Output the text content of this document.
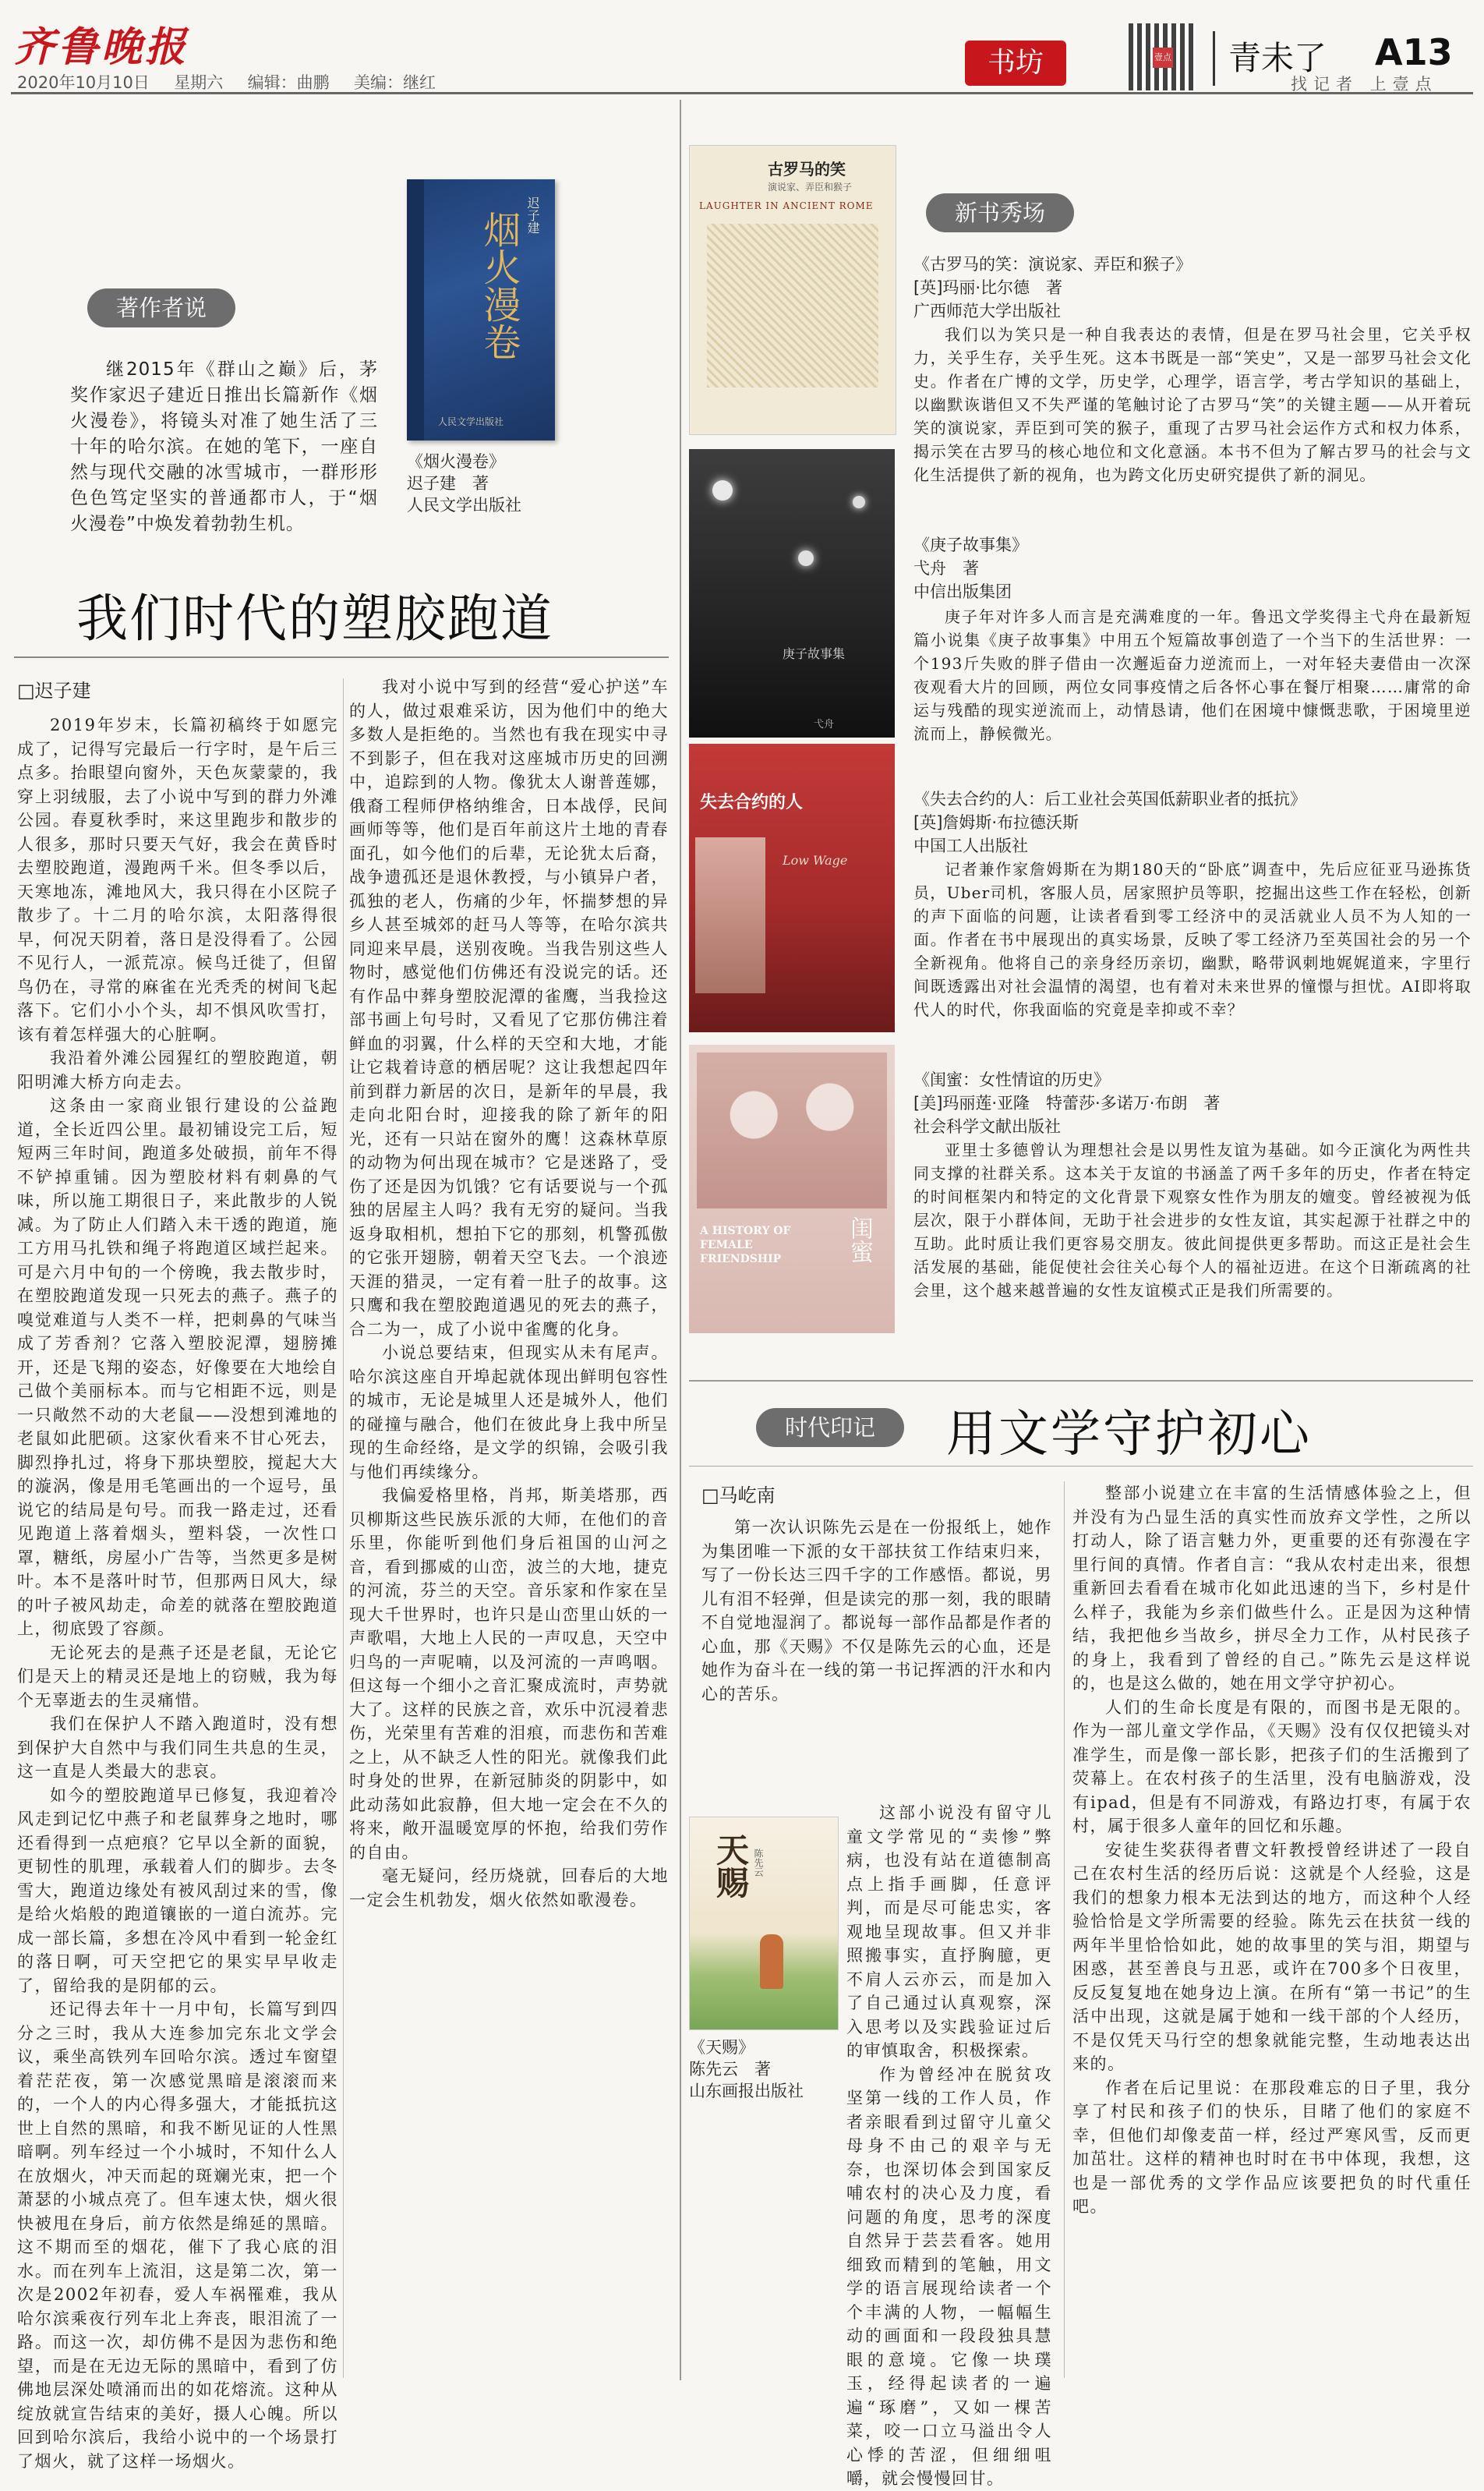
齐鲁晚报
2020年10月10日 星期六 编辑：曲鹏 美编：继红
书坊	壹点 青未了 A13
找记者 上壹点
著作者说
继2015年《群山之巅》后，茅奖作家迟子建近日推出长篇新作《烟火漫卷》，将镜头对准了她生活了三十年的哈尔滨。在她的笔下，一座自然与现代交融的冰雪城市，一群形形色色笃定坚实的普通都市人，于“烟火漫卷”中焕发着勃勃生机。
烟火漫卷 迟子建
人民文学出版社
《烟火漫卷》
迟子建　著
人民文学出版社
我们时代的塑胶跑道
□迟子建

2019年岁末，长篇初稿终于如愿完成了，记得写完最后一行字时，是午后三点多。抬眼望向窗外，天色灰蒙蒙的，我穿上羽绒服，去了小说中写到的群力外滩公园。春夏秋季时，来这里跑步和散步的人很多，那时只要天气好，我会在黄昏时去塑胶跑道，漫跑两千米。但冬季以后，天寒地冻，滩地风大，我只得在小区院子散步了。十二月的哈尔滨，太阳落得很早，何况天阴着，落日是没得看了。公园不见行人，一派荒凉。候鸟迁徙了，但留鸟仍在，寻常的麻雀在光秃秃的树间飞起落下。它们小小个头，却不惧风吹雪打，该有着怎样强大的心脏啊。

我沿着外滩公园猩红的塑胶跑道，朝阳明滩大桥方向走去。

这条由一家商业银行建设的公益跑道，全长近四公里。最初铺设完工后，短短两三年时间，跑道多处破损，前年不得不铲掉重铺。因为塑胶材料有刺鼻的气味，所以施工期很日子，来此散步的人锐减。为了防止人们踏入未干透的跑道，施工方用马扎铁和绳子将跑道区域拦起来。可是六月中旬的一个傍晚，我去散步时，在塑胶跑道发现一只死去的燕子。燕子的嗅觉难道与人类不一样，把刺鼻的气味当成了芳香剂？它落入塑胶泥潭，翅膀摊开，还是飞翔的姿态，好像要在大地绘自己做个美丽标本。而与它相距不远，则是一只敞然不动的大老鼠——没想到滩地的老鼠如此肥硕。这家伙看来不甘心死去，脚烈挣扎过，将身下那块塑胶，搅起大大的漩涡，像是用毛笔画出的一个逗号，虽说它的结局是句号。而我一路走过，还看见跑道上落着烟头，塑料袋，一次性口罩，糖纸，房屋小广告等，当然更多是树叶。本不是落叶时节，但那两日风大，绿的叶子被风劫走，命差的就落在塑胶跑道上，彻底毁了容颜。

无论死去的是燕子还是老鼠，无论它们是天上的精灵还是地上的窃贼，我为每个无辜逝去的生灵痛惜。

我们在保护人不踏入跑道时，没有想到保护大自然中与我们同生共息的生灵，这一直是人类最大的悲哀。

如今的塑胶跑道早已修复，我迎着冷风走到记忆中燕子和老鼠葬身之地时，哪还看得到一点疤痕？它早以全新的面貌，更韧性的肌理，承载着人们的脚步。去冬雪大，跑道边缘处有被风刮过来的雪，像是给火焰般的跑道镶嵌的一道白流苏。完成一部长篇，多想在冷风中看到一轮金红的落日啊，可天空把它的果实早早收走了，留给我的是阴郁的云。

还记得去年十一月中旬，长篇写到四分之三时，我从大连参加完东北文学会议，乘坐高铁列车回哈尔滨。透过车窗望着茫茫夜，第一次感觉黑暗是滚滚而来的，一个人的内心得多强大，才能抵抗这世上自然的黑暗，和我不断见证的人性黑暗啊。列车经过一个小城时，不知什么人在放烟火，冲天而起的斑斓光束，把一个萧瑟的小城点亮了。但车速太快，烟火很快被甩在身后，前方依然是绵延的黑暗。这不期而至的烟花，催下了我心底的泪水。而在列车上流泪，这是第二次，第一次是2002年初春，爱人车祸罹难，我从哈尔滨乘夜行列车北上奔丧，眼泪流了一路。而这一次，却仿佛不是因为悲伤和绝望，而是在无边无际的黑暗中，看到了仿佛地层深处喷涌而出的如花熔流。这种从绽放就宣告结束的美好，摄人心魄。所以回到哈尔滨后，我给小说中的一个场景打了烟火，就了这样一场烟火。

我对小说中写到的经营“爱心护送”车的人，做过艰难采访，因为他们中的绝大多数人是拒绝的。当然也有我在现实中寻不到影子，但在我对这座城市历史的回溯中，追踪到的人物。像犹太人谢普莲娜，俄裔工程师伊格纳维舍，日本战俘，民间画师等等，他们是百年前这片土地的青春面孔，如今他们的后辈，无论犹太后裔，战争遗孤还是退休教授，与小镇异户者，孤独的老人，伤痛的少年，怀揣梦想的异乡人甚至城郊的赶马人等等，在哈尔滨共同迎来早晨，送别夜晚。当我告别这些人物时，感觉他们仿佛还有没说完的话。还有作品中葬身塑胶泥潭的雀鹰，当我捡这部书画上句号时，又看见了它那仿佛注着鲜血的羽翼，什么样的天空和大地，才能让它栽着诗意的栖居呢？这让我想起四年前到群力新居的次日，是新年的早晨，我走向北阳台时，迎接我的除了新年的阳光，还有一只站在窗外的鹰！这森林草原的动物为何出现在城市？它是迷路了，受伤了还是因为饥饿？它有话要说与一个孤独的居屋主人吗？我有无穷的疑问。当我返身取相机，想拍下它的那刻，机警孤傲的它张开翅膀，朝着天空飞去。一个浪迹天涯的猎灵，一定有着一肚子的故事。这只鹰和我在塑胶跑道遇见的死去的燕子，合二为一，成了小说中雀鹰的化身。

小说总要结束，但现实从未有尾声。哈尔滨这座自开埠起就体现出鲜明包容性的城市，无论是城里人还是城外人，他们的碰撞与融合，他们在彼此身上我中所呈现的生命经络，是文学的织锦，会吸引我与他们再续缘分。

我偏爱格里格，肖邦，斯美塔那，西贝柳斯这些民族乐派的大师，在他们的音乐里，你能听到他们身后祖国的山河之音，看到挪威的山峦，波兰的大地，捷克的河流，芬兰的天空。音乐家和作家在呈现大千世界时，也许只是山峦里山妖的一声歌唱，大地上人民的一声叹息，天空中归鸟的一声呢喃，以及河流的一声鸣咽。但这每一个细小之音汇聚成流时，声势就大了。这样的民族之音，欢乐中沉浸着悲伤，光荣里有苦难的泪痕，而悲伤和苦难之上，从不缺乏人性的阳光。就像我们此时身处的世界，在新冠肺炎的阴影中，如此动荡如此寂静，但大地一定会在不久的将来，敞开温暖宽厚的怀抱，给我们劳作的自由。

毫无疑问，经历烧就，回春后的大地一定会生机勃发，烟火依然如歌漫卷。

新书秀场
古罗马的笑
演说家、弄臣和猴子
LAUGHTER IN ANCIENT ROME
《古罗马的笑：演说家、弄臣和猴子》
[英]玛丽·比尔德　著
广西师范大学出版社

我们以为笑只是一种自我表达的表情，但是在罗马社会里，它关乎权力，关乎生存，关乎生死。这本书既是一部“笑史”，又是一部罗马社会文化史。作者在广博的文学，历史学，心理学，语言学，考古学知识的基础上，以幽默诙谐但又不失严谨的笔触讨论了古罗马“笑”的关键主题——从开着玩笑的演说家，弄臣到可笑的猴子，重现了古罗马社会运作方式和权力体系，揭示笑在古罗马的核心地位和文化意涵。本书不但为了解古罗马的社会与文化生活提供了新的视角，也为跨文化历史研究提供了新的洞见。

庚子故事集
弋舟
《庚子故事集》
弋舟　著
中信出版集团

庚子年对许多人而言是充满难度的一年。鲁迅文学奖得主弋舟在最新短篇小说集《庚子故事集》中用五个短篇故事创造了一个当下的生活世界：一个193斤失败的胖子借由一次邂逅奋力逆流而上，一对年轻夫妻借由一次深夜观看大片的回顾，两位女同事疫情之后各怀心事在餐厅相聚……庸常的命运与残酷的现实逆流而上，动情恳请，他们在困境中慷慨悲歌，于困境里逆流而上，静候微光。

失去合约的人
Low Wage
《失去合约的人：后工业社会英国低薪职业者的抵抗》
[英]詹姆斯·布拉德沃斯
中国工人出版社

记者兼作家詹姆斯在为期180天的“卧底”调查中，先后应征亚马逊拣货员，Uber司机，客服人员，居家照护员等职，挖掘出这些工作在轻松，创新的声下面临的问题，让读者看到零工经济中的灵活就业人员不为人知的一面。作者在书中展现出的真实场景，反映了零工经济乃至英国社会的另一个全新视角。他将自己的亲身经历亲切，幽默，略带讽刺地娓娓道来，字里行间既透露出对社会温情的渴望，也有着对未来世界的憧憬与担忧。AI即将取代人的时代，你我面临的究竟是幸抑或不幸？

A HISTORY OF FEMALE FRIENDSHIP	闺蜜
《闺蜜：女性情谊的历史》
[美]玛丽莲·亚隆　特蕾莎·多诺万·布朗　著
社会科学文献出版社

亚里士多德曾认为理想社会是以男性友谊为基础。如今正演化为两性共同支撑的社群关系。这本关于友谊的书涵盖了两千多年的历史，作者在特定的时间框架内和特定的文化背景下观察女性作为朋友的嬗变。曾经被视为低层次，限于小群体间，无助于社会进步的女性友谊，其实起源于社群之中的互助。此时质让我们更容易交朋友。彼此间提供更多帮助。而这正是社会生活发展的基础，能促使社会往关心每个人的福祉迈进。在这个日渐疏离的社会里，这个越来越普遍的女性友谊模式正是我们所需要的。

时代印记	用文学守护初心
□马屹南
天赐 陈先云
《天赐》
陈先云　著
山东画报出版社

第一次认识陈先云是在一份报纸上，她作为集团唯一下派的女干部扶贫工作结束归来，写了一份长达三四千字的工作感悟。都说，男儿有泪不轻弹，但是读完的那一刻，我的眼睛不自觉地湿润了。都说每一部作品都是作者的心血，那《天赐》不仅是陈先云的心血，还是她作为奋斗在一线的第一书记挥洒的汗水和内心的苦乐。

这部小说没有留守儿童文学常见的“卖惨”弊病，也没有站在道德制高点上指手画脚，任意评判，而是尽可能忠实，客观地呈现故事。但又并非照搬事实，直抒胸臆，更不肩人云亦云，而是加入了自己通过认真观察，深入思考以及实践验证过后的审慎取舍，积极探索。

作为曾经冲在脱贫攻坚第一线的工作人员，作者亲眼看到过留守儿童父母身不由己的艰辛与无奈，也深切体会到国家反哺农村的决心及力度，看问题的角度，思考的深度自然异于芸芸看客。她用细致而精到的笔触，用文学的语言展现给读者一个个丰满的人物，一幅幅生动的画面和一段段独具慧眼的意境。它像一块璞玉，经得起读者的一遍遍“琢磨”，又如一棵苦菜，咬一口立马溢出令人心悸的苦涩，但细细咀嚼，就会慢慢回甘。

整部小说建立在丰富的生活情感体验之上，但并没有为凸显生活的真实性而放弃文学性，之所以打动人，除了语言魅力外，更重要的还有弥漫在字里行间的真情。作者自言：“我从农村走出来，很想重新回去看看在城市化如此迅速的当下，乡村是什么样子，我能为乡亲们做些什么。正是因为这种情结，我把他乡当故乡，拼尽全力工作，从村民孩子的身上，我看到了曾经的自己。”陈先云是这样说的，也是这么做的，她在用文学守护初心。

人们的生命长度是有限的，而图书是无限的。作为一部儿童文学作品，《天赐》没有仅仅把镜头对准学生，而是像一部长影，把孩子们的生活搬到了荧幕上。在农村孩子的生活里，没有电脑游戏，没有ipad，但是有不同游戏，有路边打枣，有属于农村，属于很多人童年的回忆和乐趣。

安徒生奖获得者曹文轩教授曾经讲述了一段自己在农村生活的经历后说：这就是个人经验，这是我们的想象力根本无法到达的地方，而这种个人经验恰恰是文学所需要的经验。陈先云在扶贫一线的两年半里恰恰如此，她的故事里的笑与泪，期望与困惑，甚至善良与丑恶，或许在700多个日夜里，反反复复地在她身边上演。在所有“第一书记”的生活中出现，这就是属于她和一线干部的个人经历，不是仅凭天马行空的想象就能完整，生动地表达出来的。

作者在后记里说：在那段难忘的日子里，我分享了村民和孩子们的快乐，目睹了他们的家庭不幸，但他们却像麦苗一样，经过严寒风雪，反而更加茁壮。这样的精神也时时在书中体现，我想，这也是一部优秀的文学作品应该要把负的时代重任吧。
